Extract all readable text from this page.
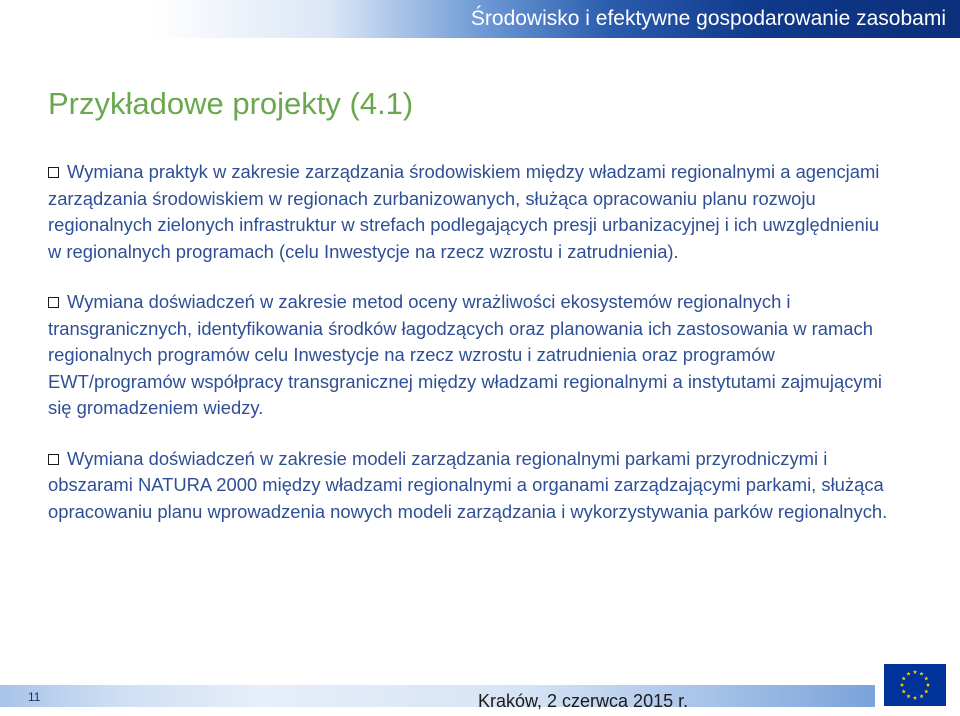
Środowisko i efektywne gospodarowanie zasobami
Przykładowe projekty (4.1)
Wymiana praktyk w zakresie zarządzania środowiskiem między władzami regionalnymi a agencjami zarządzania środowiskiem w regionach zurbanizowanych, służąca opracowaniu planu rozwoju regionalnych zielonych infrastruktur w strefach podlegających presji urbanizacyjnej i ich uwzględnieniu w regionalnych programach (celu Inwestycje na rzecz wzrostu i zatrudnienia).
Wymiana doświadczeń w zakresie metod oceny wrażliwości ekosystemów regionalnych i transgranicznych, identyfikowania środków łagodzących oraz planowania ich zastosowania w ramach regionalnych programów celu Inwestycje na rzecz wzrostu i zatrudnienia oraz programów EWT/programów współpracy transgranicznej między władzami regionalnymi a instytutami zajmującymi się gromadzeniem wiedzy.
Wymiana doświadczeń w zakresie modeli zarządzania regionalnymi parkami przyrodniczymi i obszarami NATURA 2000 między władzami regionalnymi a organami zarządzającymi parkami, służąca opracowaniu planu wprowadzenia nowych modeli zarządzania i wykorzystywania parków regionalnych.
11	Kraków, 2 czerwca 2015 r.
